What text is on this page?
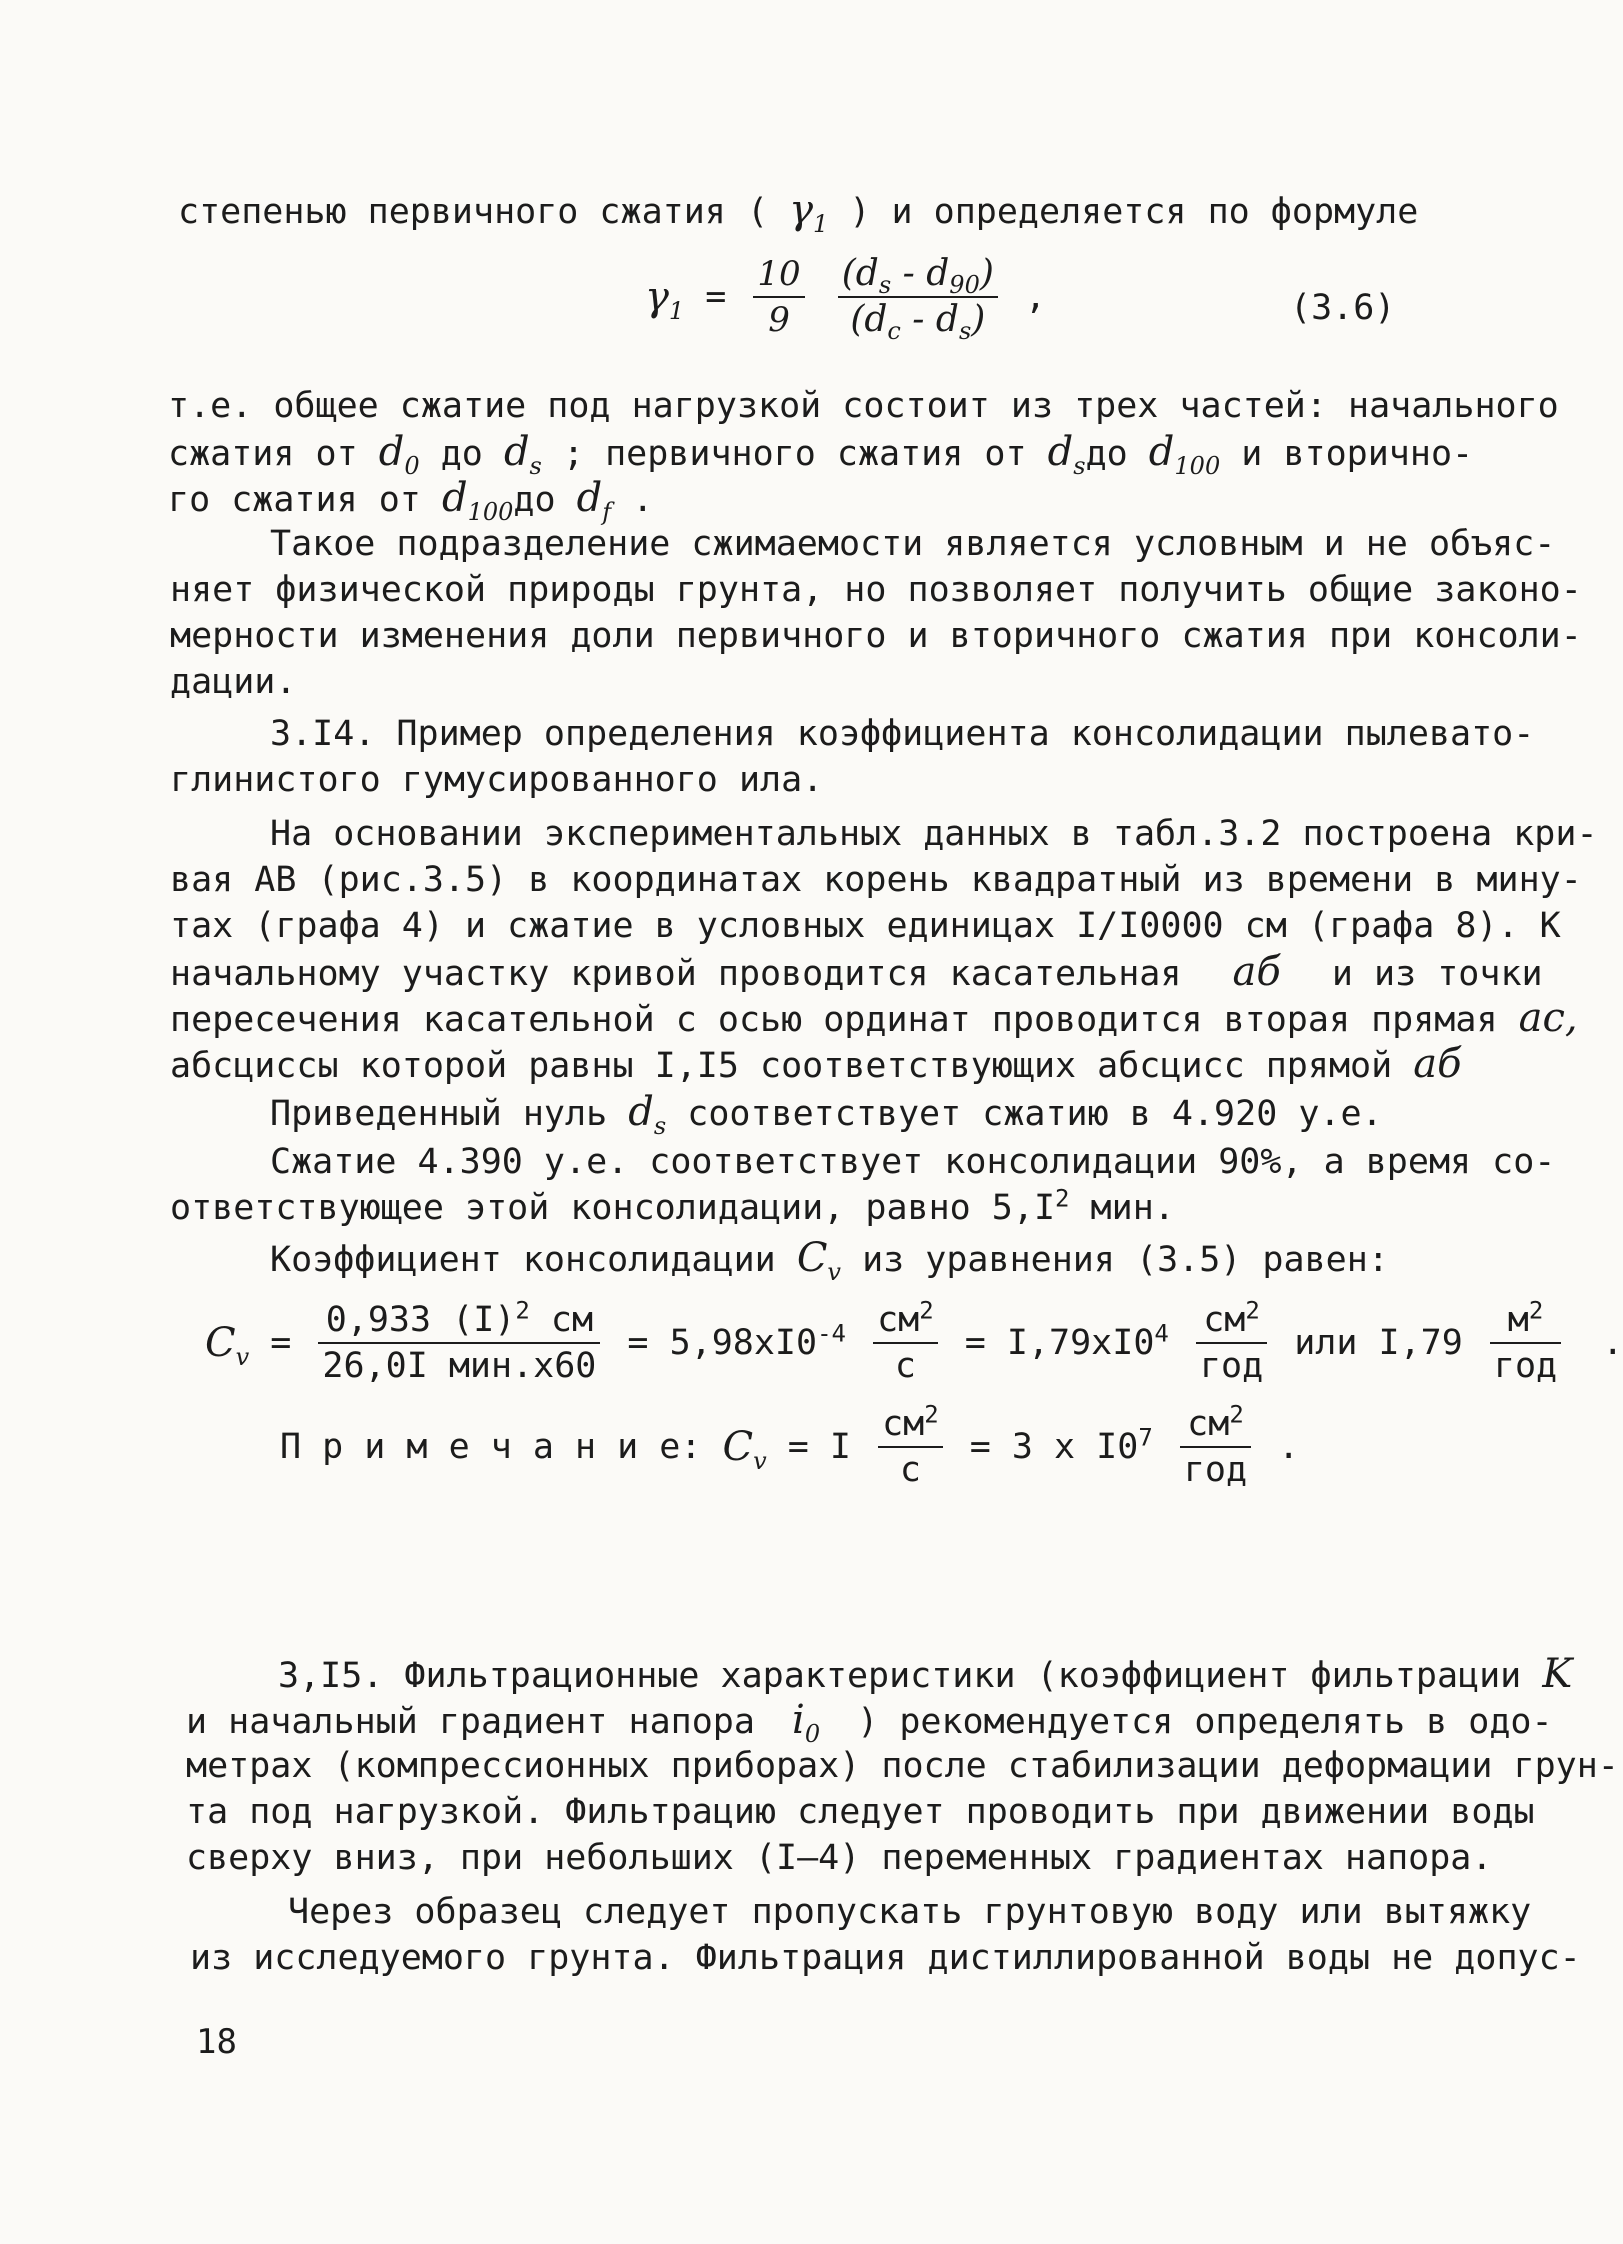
степенью первичного сжатия ( $\gamma_1$ ) и определяется по формуле
$\gamma_1 = \frac{10}{9}$
$\frac{(d_s - d_{90})}{(d_c - d_s)}$ ,	(3.6)
т.е. общее сжатие под нагрузкой состоит из трех частей: начального
сжатия от $d_0$ до $d_s$ ; первичного сжатия от $d_sдо$ $d_{100}$ и вторично-
го сжатия от $d_{100}до$ $d_f$ .
Такое подразделение сжимаемости является условным и не объяс-
няет физической природы грунта, но позволяет получить общие законо-
мерности изменения доли первичного и вторичного сжатия при консоли-
дации.
3.I4. Пример определения коэффициента консолидации пылевато-
глинистого гумусированного ила.
На основании экспериментальных данных в табл.3.2 построена кри-
вая АВ (рис.3.5) в координатах корень квадратный из времени в мину-
тах (графа 4) и сжатие в условных единицах I/I0000 см (графа 8). К
начальному участку кривой проводится касательная aб и из точки
пересечения касательной с осью ординат проводится вторая прямая ac,
абсциссы которой равны I,I5 соответствующих абсцисс прямой aб
Приведенный нуль $d_s$ соответствует сжатию в 4.920 у.е.
Сжатие 4.390 у.е. соответствует консолидации 90%, а время со-
ответствующее этой консолидации, равно $5,I^2$ мин.
Коэффициент консолидации $C_v$ из уравнения (3.5) равен:
$C_v = \frac{0,933 (I)^2 см}{\text{26,0I мин.х60}} = 5,98хI0^{-4} \frac{см^2}{с} = I,79хI0^4 \frac{см^2}{\text{год}}$ или $I,79 \frac{м^2}{\text{год}}$ .
П р и м е ч а н и е: $C_v = I \frac{см^2}{с} = 3$ х $I0^7 \frac{см^2}{\text{год}}$ .
3,I5. Фильтрационные характеристики (коэффициент фильтрации K
и начальный градиент напора $i_0$ ) рекомендуется определять в одо-
метрах (компрессионных приборах) после стабилизации деформации грун-
та под нагрузкой. Фильтрацию следует проводить при движении воды
сверху вниз, при небольших (I–4) переменных градиентах напора.
Через образец следует пропускать грунтовую воду или вытяжку
из исследуемого грунта. Фильтрация дистиллированной воды не допус-
18
